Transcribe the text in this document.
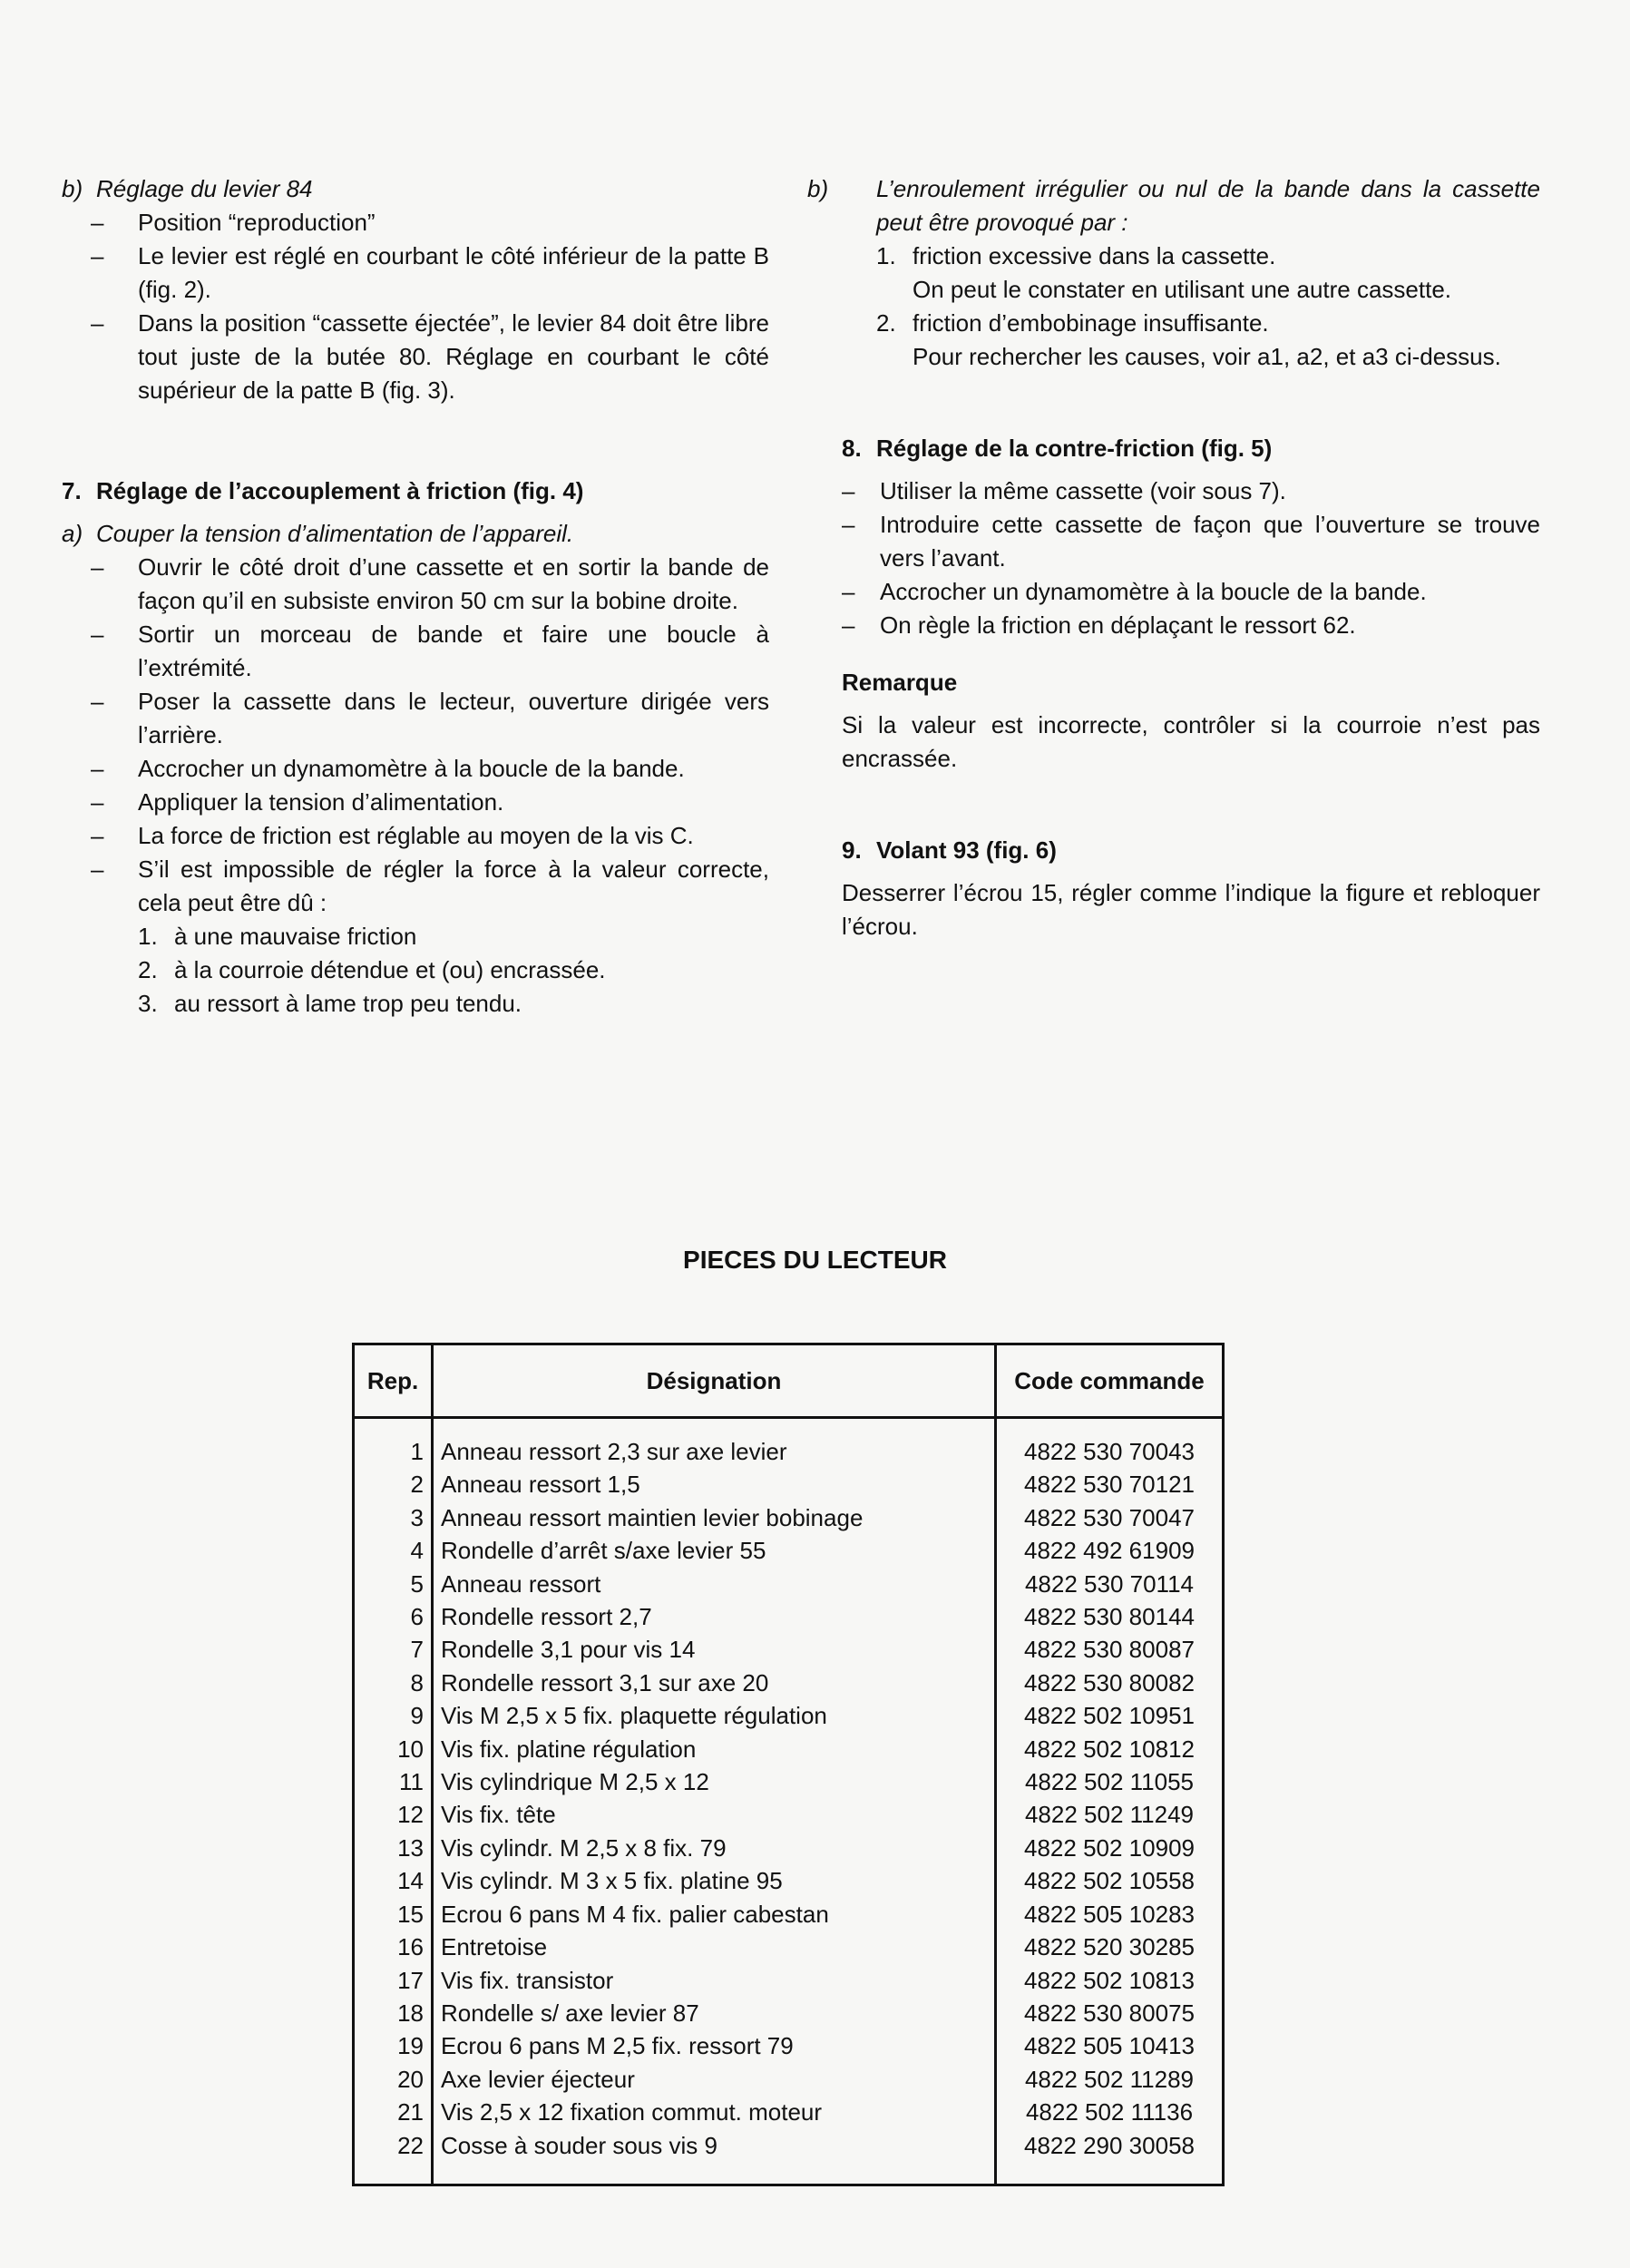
b) Réglage du levier 84
– Position “reproduction”
– Le levier est réglé en courbant le côté inférieur de la patte B (fig. 2).
– Dans la position “cassette éjectée”, le levier 84 doit être libre tout juste de la butée 80. Réglage en courbant le côté supérieur de la patte B (fig. 3).
7. Réglage de l’accouplement à friction (fig. 4)
a) Couper la tension d’alimentation de l’appareil.
– Ouvrir le côté droit d’une cassette et en sortir la bande de façon qu’il en subsiste environ 50 cm sur la bobine droite.
– Sortir un morceau de bande et faire une boucle à l’extrémité.
– Poser la cassette dans le lecteur, ouverture dirigée vers l’arrière.
– Accrocher un dynamomètre à la boucle de la bande.
– Appliquer la tension d’alimentation.
– La force de friction est réglable au moyen de la vis C.
– S’il est impossible de régler la force à la valeur correcte, cela peut être dû :
1. à une mauvaise friction
2. à la courroie détendue et (ou) encrassée.
3. au ressort à lame trop peu tendu.
b) L’enroulement irrégulier ou nul de la bande dans la cassette peut être provoqué par :
1. friction excessive dans la cassette.
On peut le constater en utilisant une autre cassette.
2. friction d’embobinage insuffisante.
Pour rechercher les causes, voir a1, a2, et a3 ci-dessus.
8. Réglage de la contre-friction (fig. 5)
– Utiliser la même cassette (voir sous 7).
– Introduire cette cassette de façon que l’ouverture se trouve vers l’avant.
– Accrocher un dynamomètre à la boucle de la bande.
– On règle la friction en déplaçant le ressort 62.
Remarque

Si la valeur est incorrecte, contrôler si la courroie n’est pas encrassée.

9. Volant 93 (fig. 6)

Desserrer l’écrou 15, régler comme l’indique la figure et rebloquer l’écrou.

PIECES DU LECTEUR
Rep.	Désignation	Code commande

1	Anneau ressort 2,3 sur axe levier	4822 530 70043
2	Anneau ressort 1,5	4822 530 70121
3	Anneau ressort maintien levier bobinage	4822 530 70047
4	Rondelle d’arrêt s/axe levier 55	4822 492 61909
5	Anneau ressort	4822 530 70114
6	Rondelle ressort 2,7	4822 530 80144
7	Rondelle 3,1 pour vis 14	4822 530 80087
8	Rondelle ressort 3,1 sur axe 20	4822 530 80082
9	Vis M 2,5 x 5 fix. plaquette régulation	4822 502 10951
10	Vis fix. platine régulation	4822 502 10812
11	Vis cylindrique M 2,5 x 12	4822 502 11055
12	Vis fix. tête	4822 502 11249
13	Vis cylindr. M 2,5 x 8 fix. 79	4822 502 10909
14	Vis cylindr. M 3 x 5 fix. platine 95	4822 502 10558
15	Ecrou 6 pans M 4 fix. palier cabestan	4822 505 10283
16	Entretoise	4822 520 30285
17	Vis fix. transistor	4822 502 10813
18	Rondelle s/ axe levier 87	4822 530 80075
19	Ecrou 6 pans M 2,5 fix. ressort 79	4822 505 10413
20	Axe levier éjecteur	4822 502 11289
21	Vis 2,5 x 12 fixation commut. moteur	4822 502 11136
22	Cosse à souder sous vis 9	4822 290 30058
